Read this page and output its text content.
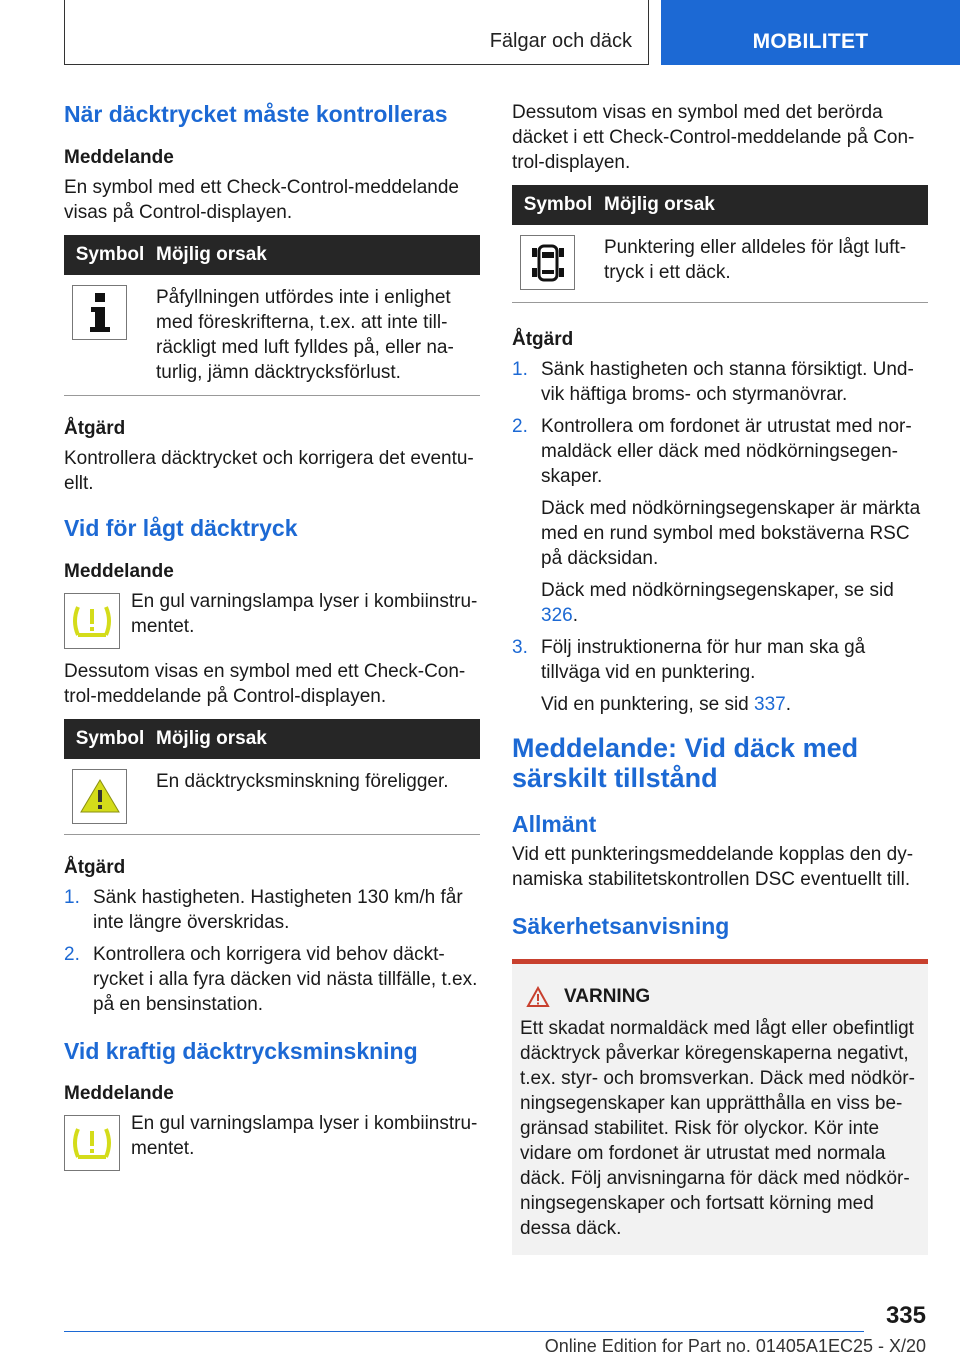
Fälgar och däck	MOBILITET
När däcktrycket måste kontrolleras
Meddelande
En symbol med ett Check-Control-meddelande visas på Control-displayen.
Symbol Möjlig orsak
Påfyllningen utfördes inte i enlighet med föreskrifterna, t.ex. att inte till-räckligt med luft fylldes på, eller na-turlig, jämn däcktrycksförlust.
Åtgärd
Kontrollera däcktrycket och korrigera det eventu-ellt.
Vid för lågt däcktryck
Meddelande
En gul varningslampa lyser i kombiinstru-mentet.
Dessutom visas en symbol med ett Check-Con-trol-meddelande på Control-displayen.
Symbol Möjlig orsak
En däcktrycksminskning föreligger.
Åtgärd
1. Sänk hastigheten. Hastigheten 130 km/h får inte längre överskridas.
2. Kontrollera och korrigera vid behov däckt-rycket i alla fyra däcken vid nästa tillfälle, t.ex. på en bensinstation.
Vid kraftig däcktrycksminskning
Meddelande
En gul varningslampa lyser i kombiinstru-mentet.
Dessutom visas en symbol med det berörda däcket i ett Check-Control-meddelande på Con-trol-displayen.
Symbol Möjlig orsak
Punktering eller alldeles för lågt luft-tryck i ett däck.
Åtgärd
1. Sänk hastigheten och stanna försiktigt. Und-vik häftiga broms- och styrmanövrar.

2. Kontrollera om fordonet är utrustat med nor-maldäck eller däck med nödkörningsegen-skaper.

Däck med nödkörningsegenskaper är märkta med en rund symbol med bokstäverna RSC på däcksidan.

Däck med nödkörningsegenskaper, se sid 326.

3. Följ instruktionerna för hur man ska gå tillväga vid en punktering.

Vid en punktering, se sid 337.

Meddelande: Vid däck med särskilt tillstånd
Allmänt
Vid ett punkteringsmeddelande kopplas den dy-namiska stabilitetskontrollen DSC eventuellt till.
Säkerhetsanvisning
VARNING
Ett skadat normaldäck med lågt eller obefintligt däcktryck påverkar köregenskaperna negativt, t.ex. styr- och bromsverkan. Däck med nödkör-ningsegenskaper kan upprätthålla en viss be-gränsad stabilitet. Risk för olyckor. Kör inte vidare om fordonet är utrustat med normala däck. Följ anvisningarna för däck med nödkör-ningsegenskaper och fortsatt körning med dessa däck.
335
Online Edition for Part no. 01405A1EC25 - X/20
